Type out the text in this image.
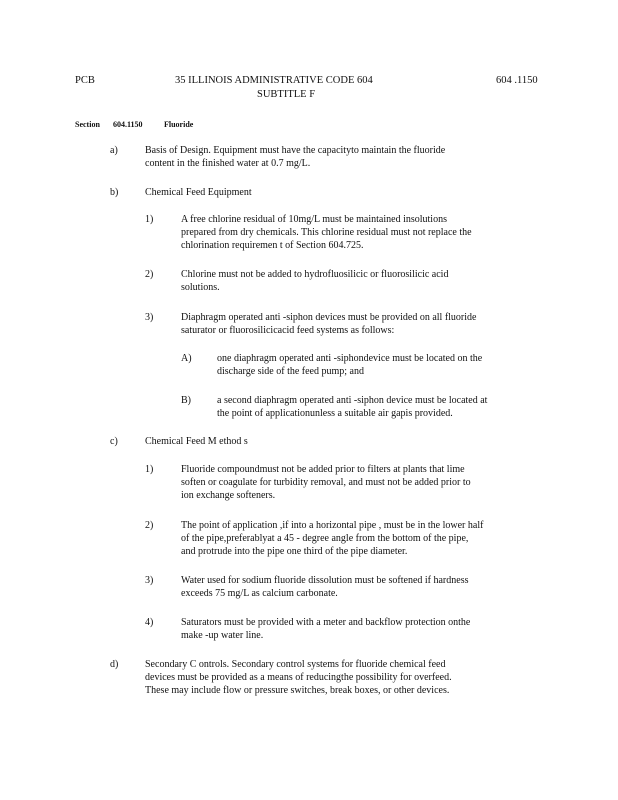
PCB	35 ILLINOIS ADMINISTRATIVE CODE 604
SUBTITLE F
604 .1150
Section 604.1150	Fluoride
a)	Basis of Design. Equipment must have the capacityto maintain the fluoride
content in the finished water at 0.7 mg/L.
b)	Chemical Feed Equipment
1)	A free chlorine residual of 10mg/L must be maintained insolutions
prepared from dry chemicals. This chlorine residual must not replace the
chlorination requiremen t of Section 604.725.
2)	Chlorine must not be added to hydrofluosilicic or fluorosilicic acid
solutions.
3)	Diaphragm operated anti -siphon devices must be provided on all fluoride
saturator or fluorosilicicacid feed systems as follows:
A)	one diaphragm operated anti -siphondevice must be located on the
discharge side of the feed pump; and
B)	a second diaphragm operated anti -siphon device must be located at
the point of applicationunless a suitable air gapis provided.
c)	Chemical Feed M ethod s
1)	Fluoride compoundmust not be added prior to filters at plants that lime
soften or coagulate for turbidity removal, and must not be added prior to
ion exchange softeners.
2)	The point of application ,if into a horizontal pipe , must be in the lower half
of the pipe,preferablyat a 45 - degree angle from the bottom of the pipe,
and protrude into the pipe one third of the pipe diameter.
3)	Water used for sodium fluoride dissolution must be softened if hardness
exceeds 75 mg/L as calcium carbonate.
4)	Saturators must be provided with a meter and backflow protection onthe
make -up water line.
d)	Secondary C ontrols. Secondary control systems for fluoride chemical feed
devices must be provided as a means of reducingthe possibility for overfeed.
These may include flow or pressure switches, break boxes, or other devices.
